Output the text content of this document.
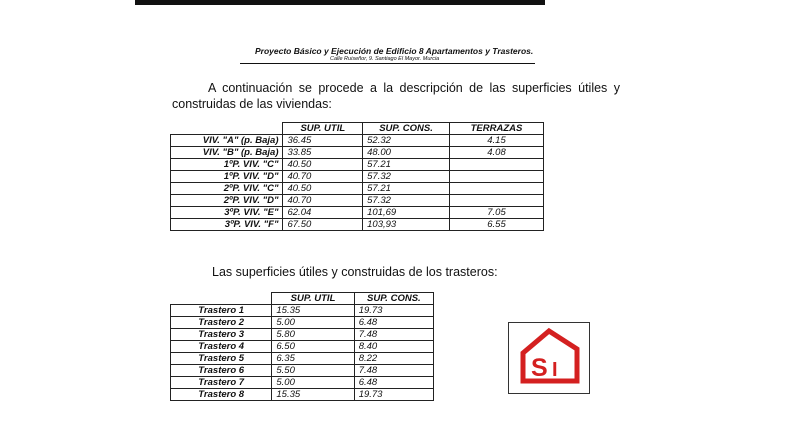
Proyecto Básico y Ejecución de Edificio 8 Apartamentos y Trasteros.
Calle Ruiseñor, 9. Santiago El Mayor. Murcia
A continuación se procede a la descripción de las superficies útiles y
construidas de las viviendas:
	SUP. UTIL	SUP. CONS.	TERRAZAS
VIV. "A" (p. Baja)	36.45	52.32	4.15
VIV. "B" (p. Baja)	33.85	48.00	4.08
1ºP. VIV. "C"	40.50	57.21	
1ºP. VIV. "D"	40.70	57.32	
2ºP. VIV. "C"	40.50	57.21	
2ºP. VIV. "D"	40.70	57.32	
3ºP. VIV. "E"	62.04	101,69	7.05
3ºP. VIV. "F"	67.50	103,93	6.55
Las superficies útiles y construidas de los trasteros:
	SUP. UTIL	SUP. CONS.
Trastero 1	15.35	19.73
Trastero 2	5.00	6.48
Trastero 3	5.80	7.48
Trastero 4	6.50	8.40
Trastero 5	6.35	8.22
Trastero 6	5.50	7.48
Trastero 7	5.00	6.48
Trastero 8	15.35	19.73
S I
